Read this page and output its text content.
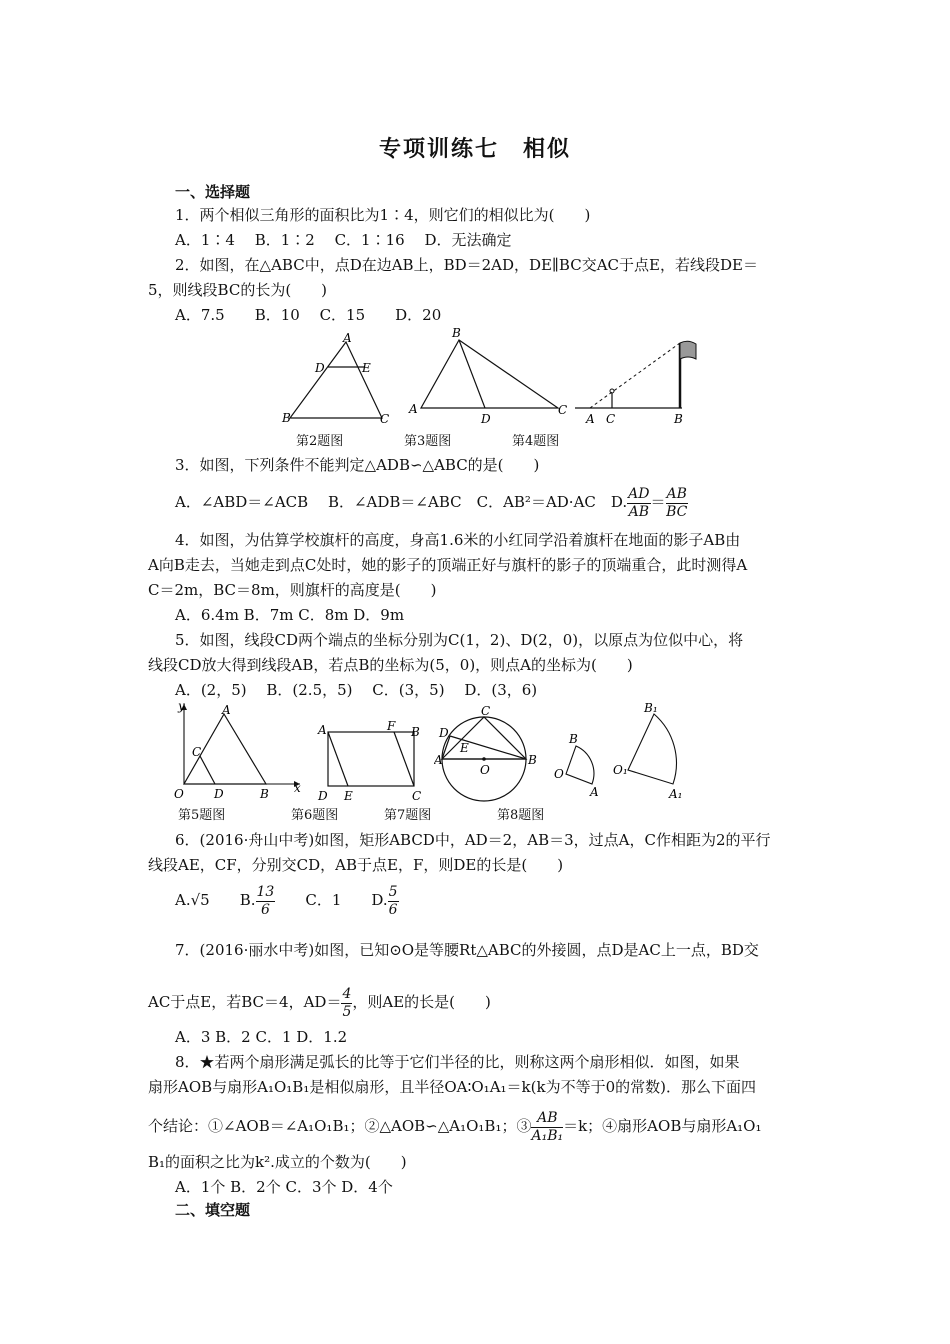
专项训练七　相似
一、选择题
1．两个相似三角形的面积比为1∶4，则它们的相似比为(　　)
A．1∶4　 B．1∶2　 C．1∶16　 D．无法确定
2．如图，在△ABC中，点D在边AB上，BD＝2AD，DE∥BC交AC于点E，若线段DE＝
5，则线段BC的长为(　　)
A．7.5　　B．10　 C．15　　D．20
A
D	E
B	C
B
A
D
C
A C	B
第2题图	第3题图	第4题图
3．如图，下列条件不能判定△ADB∽△ABC的是(　　)
A．∠ABD＝∠ACB　 B．∠ADB＝∠ABC　C．AB²＝AD·AC　D. $\frac{AD}{AB} = \frac{AB}{BC}$
4．如图，为估算学校旗杆的高度，身高1.6米的小红同学沿着旗杆在地面的影子AB由
A向B走去，当她走到点C处时，她的影子的顶端正好与旗杆的影子的顶端重合，此时测得A
C＝2m，BC＝8m，则旗杆的高度是(　　)
A．6.4m B．7m C．8m D．9m
5．如图，线段CD两个端点的坐标分别为C(1，2)、D(2，0)，以原点为位似中心，将
线段CD放大得到线段AB，若点B的坐标为(5，0)，则点A的坐标为(　　)
A．(2，5)　 B．(2.5，5)　 C．(3，5)　 D．(3，6)
y
x
A
C
O	D	B
A	F B
D E	C
C
D
E
A
O
B
B
O
A
B₁
O₁
A₁
第5题图	第6题图	第7题图	第8题图
6．(2016·舟山中考)如图，矩形ABCD中，AD＝2，AB＝3，过点A，C作相距为2的平行
线段AE，CF，分别交CD，AB于点E，F，则DE的长是(　　)
A.√5　　 B. $\frac{13}{6}$
　　 C．1　　 D. $\frac{5}{6}$
7．(2016·丽水中考)如图，已知⊙O是等腰Rt△ABC的外接圆，点D是AC上一点，BD交
AC于点E，若BC＝4，$AD= \frac{4}{5}$ ，则AE的长是(　　)
A．3 B．2 C．1 D．1.2
8．★若两个扇形满足弧长的比等于它们半径的比，则称这两个扇形相似．如图，如果
扇形AOB与扇形A₁O₁B₁是相似扇形，且半径OA∶O₁A₁＝k(k为不等于0的常数)．那么下面四
个结论：①∠AOB＝∠A₁O₁B₁；②△AOB∽△A₁O₁B₁；③ $\frac{AB}{\text{A₁B₁}} =k$；④扇形AOB与扇形A₁O₁
B₁的面积之比为k².成立的个数为(　　)
A．1个 B．2个 C．3个 D．4个
二、填空题
